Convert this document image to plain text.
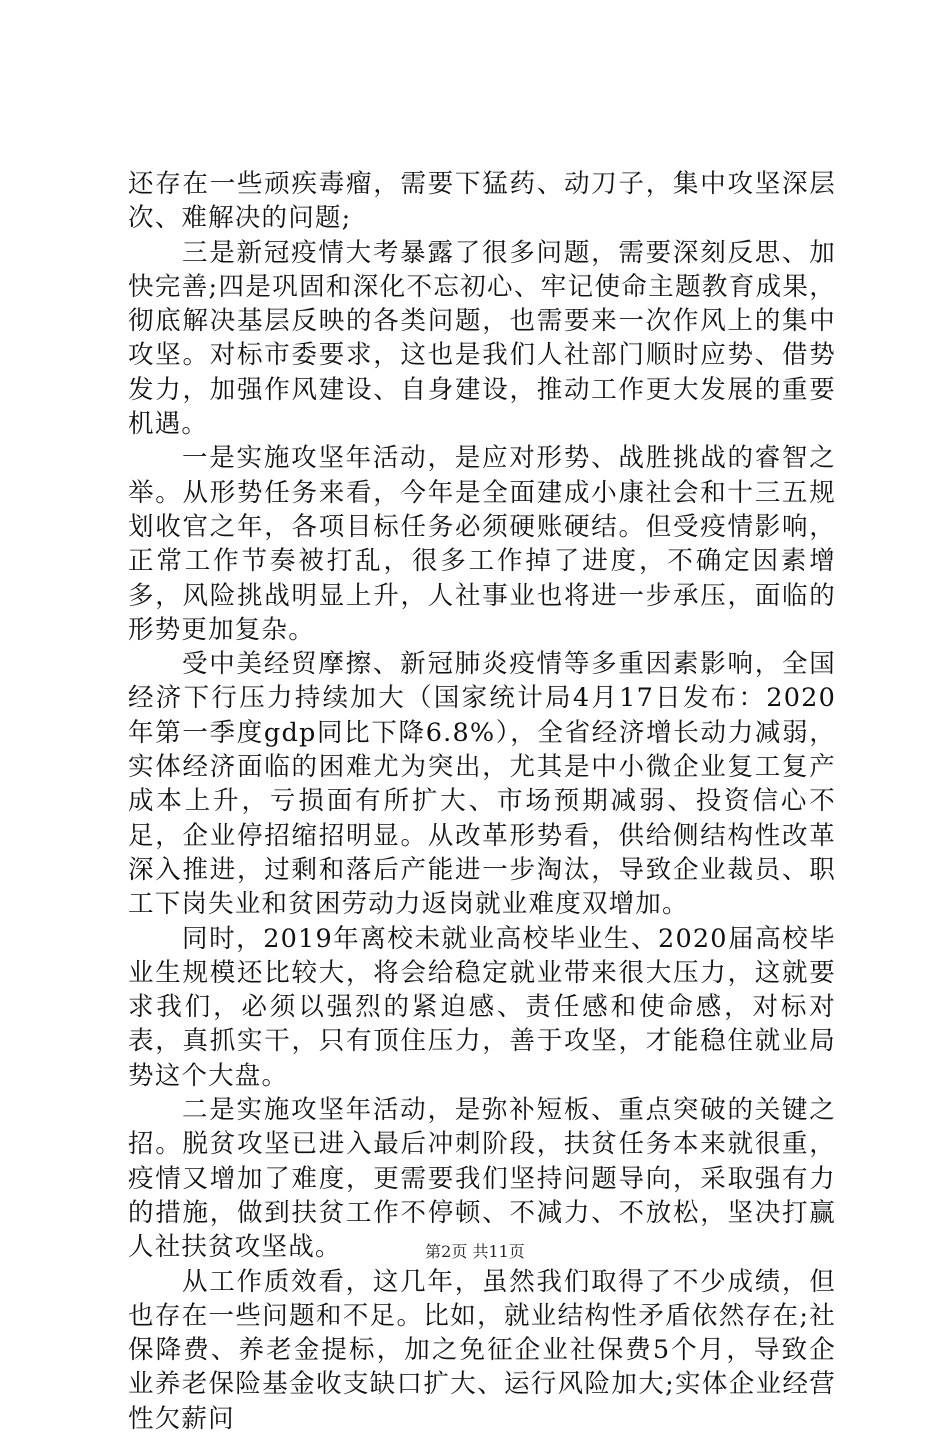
还存在一些顽疾毒瘤，需要下猛药、动刀子，集中攻坚深层次、难解决的问题;

三是新冠疫情大考暴露了很多问题，需要深刻反思、加快完善;四是巩固和深化不忘初心、牢记使命主题教育成果，彻底解决基层反映的各类问题，也需要来一次作风上的集中攻坚。对标市委要求，这也是我们人社部门顺时应势、借势发力，加强作风建设、自身建设，推动工作更大发展的重要机遇。

一是实施攻坚年活动，是应对形势、战胜挑战的睿智之举。从形势任务来看，今年是全面建成小康社会和十三五规划收官之年，各项目标任务必须硬账硬结。但受疫情影响，正常工作节奏被打乱，很多工作掉了进度，不确定因素增多，风险挑战明显上升，人社事业也将进一步承压，面临的形势更加复杂。

受中美经贸摩擦、新冠肺炎疫情等多重因素影响，全国经济下行压力持续加大（国家统计局4月17日发布：2020年第一季度gdp同比下降6.8%），全省经济增长动力减弱，实体经济面临的困难尤为突出，尤其是中小微企业复工复产成本上升，亏损面有所扩大、市场预期减弱、投资信心不足，企业停招缩招明显。从改革形势看，供给侧结构性改革深入推进，过剩和落后产能进一步淘汰，导致企业裁员、职工下岗失业和贫困劳动力返岗就业难度双增加。

同时，2019年离校未就业高校毕业生、2020届高校毕业生规模还比较大，将会给稳定就业带来很大压力，这就要求我们，必须以强烈的紧迫感、责任感和使命感，对标对表，真抓实干，只有顶住压力，善于攻坚，才能稳住就业局势这个大盘。

二是实施攻坚年活动，是弥补短板、重点突破的关键之招。脱贫攻坚已进入最后冲刺阶段，扶贫任务本来就很重，疫情又增加了难度，更需要我们坚持问题导向，采取强有力的措施，做到扶贫工作不停顿、不减力、不放松，坚决打赢人社扶贫攻坚战。

从工作质效看，这几年，虽然我们取得了不少成绩，但也存在一些问题和不足。比如，就业结构性矛盾依然存在;社保降费、养老金提标，加之免征企业社保费5个月，导致企业养老保险基金收支缺口扩大、运行风险加大;实体企业经营性欠薪问

第2页 共11页
